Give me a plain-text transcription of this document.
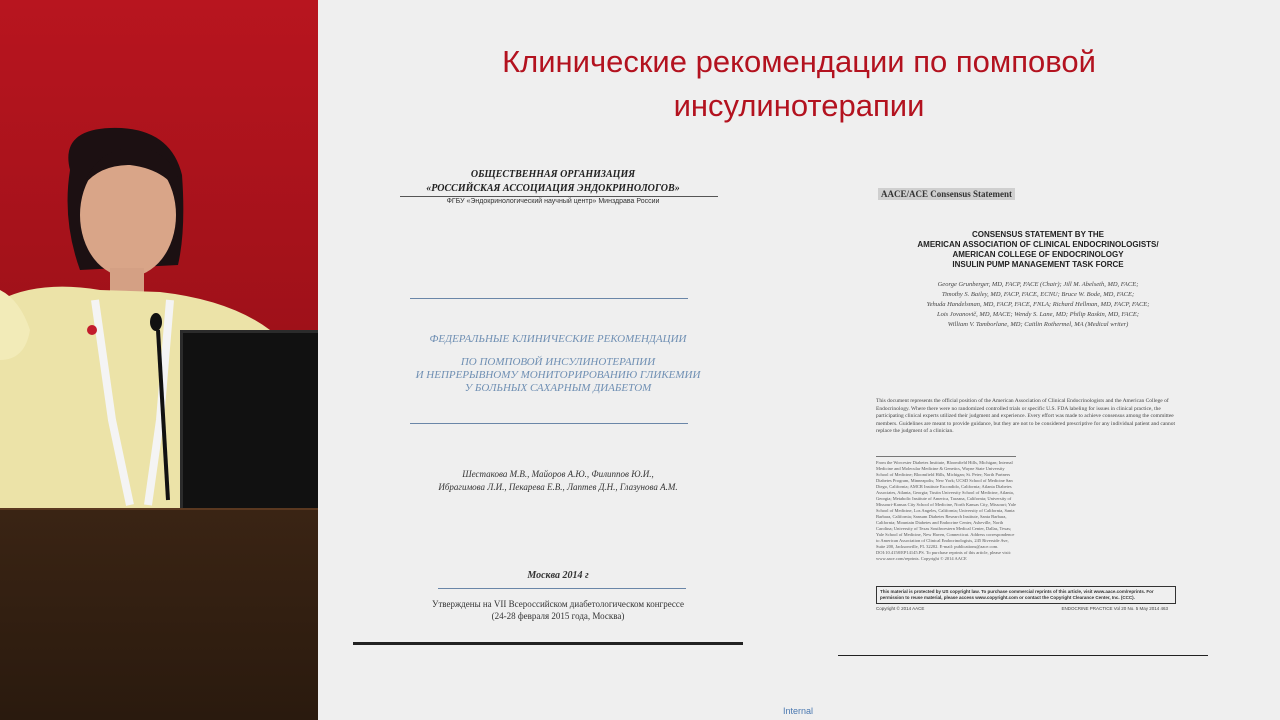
Клинические рекомендации по помповой
инсулинотерапии
ОБЩЕСТВЕННАЯ ОРГАНИЗАЦИЯ
«РОССИЙСКАЯ АССОЦИАЦИЯ ЭНДОКРИНОЛОГОВ»
ФГБУ «Эндокринологический научный центр» Минздрава России
ФЕДЕРАЛЬНЫЕ КЛИНИЧЕСКИЕ РЕКОМЕНДАЦИИ
ПО ПОМПОВОЙ ИНСУЛИНОТЕРАПИИ
И НЕПРЕРЫВНОМУ МОНИТОРИРОВАНИЮ ГЛИКЕМИИ
У БОЛЬНЫХ САХАРНЫМ ДИАБЕТОМ
Шестакова М.В., Майоров А.Ю., Филиппов Ю.И.,
Ибрагимова Л.И., Пекарева Е.В., Лаптев Д.Н., Глазунова А.М.
Москва 2014 г
Утверждены на VII Всероссийском диабетологическом конгрессе
(24-28 февраля 2015 года, Москва)
AACE/ACE Consensus Statement
CONSENSUS STATEMENT BY THE
AMERICAN ASSOCIATION OF CLINICAL ENDOCRINOLOGISTS/
AMERICAN COLLEGE OF ENDOCRINOLOGY
INSULIN PUMP MANAGEMENT TASK FORCE
George Grunberger, MD, FACP, FACE (Chair); Jill M. Abelseth, MD, FACE;
Timothy S. Bailey, MD, FACP, FACE, ECNU; Bruce W. Bode, MD, FACE;
Yehuda Handelsman, MD, FACP, FACE, FNLA; Richard Hellman, MD, FACP, FACE;
Lois Jovanovič, MD, MACE; Wendy S. Lane, MD; Philip Raskin, MD, FACE;
William V. Tamborlane, MD; Caitlin Rothermel, MA (Medical writer)
This document represents the official position of the American Association of Clinical Endocrinologists and the American College of Endocrinology. Where there were no randomized controlled trials or specific U.S. FDA labeling for issues in clinical practice, the participating clinical experts utilized their judgment and experience. Every effort was made to achieve consensus among the committee members. Guidelines are meant to provide guidance, but they are not to be considered prescriptive for any individual patient and cannot replace the judgment of a clinician.
From the Worcester Diabetes Institute, Bloomfield Hills, Michigan; Internal Medicine and Molecular Medicine & Genetics, Wayne State University School of Medicine; Bloomfield Hills, Michigan; St. Peter; North Partners Diabetes Program, Minneapolis; New York; UCSD School of Medicine San Diego, California; AMCR Institute Escondido, California; Atlanta Diabetes Associates, Atlanta, Georgia; Tustin University School of Medicine, Atlanta, Georgia; Metabolic Institute of America, Tarzana, California; University of Missouri-Kansas City School of Medicine, North Kansas City, Missouri; Yale School of Medicine, Los Angeles, California; University of California, Santa Barbara, California; Sansum Diabetes Research Institute, Santa Barbara, California; Mountain Diabetes and Endocrine Center, Asheville, North Carolina; University of Texas Southwestern Medical Center, Dallas, Texas; Yale School of Medicine, New Haven, Connecticut. Address correspondence to American Association of Clinical Endocrinologists, 245 Riverside Ave, Suite 200, Jacksonville, FL 32202. E-mail: publications@aace.com. DOI:10.4158/EP14145.PS. To purchase reprints of this article, please visit: www.aace.com/reprints. Copyright © 2014 AACE
This material is protected by US copyright law. To purchase commercial reprints of this article, visit www.aace.com/reprints. For permission to reuse material, please access www.copyright.com or contact the Copyright Clearance Center, Inc. (CCC).
Copyright © 2014 AACE	ENDOCRINE PRACTICE Vol 20 No. 5 May 2014 463
Internal
